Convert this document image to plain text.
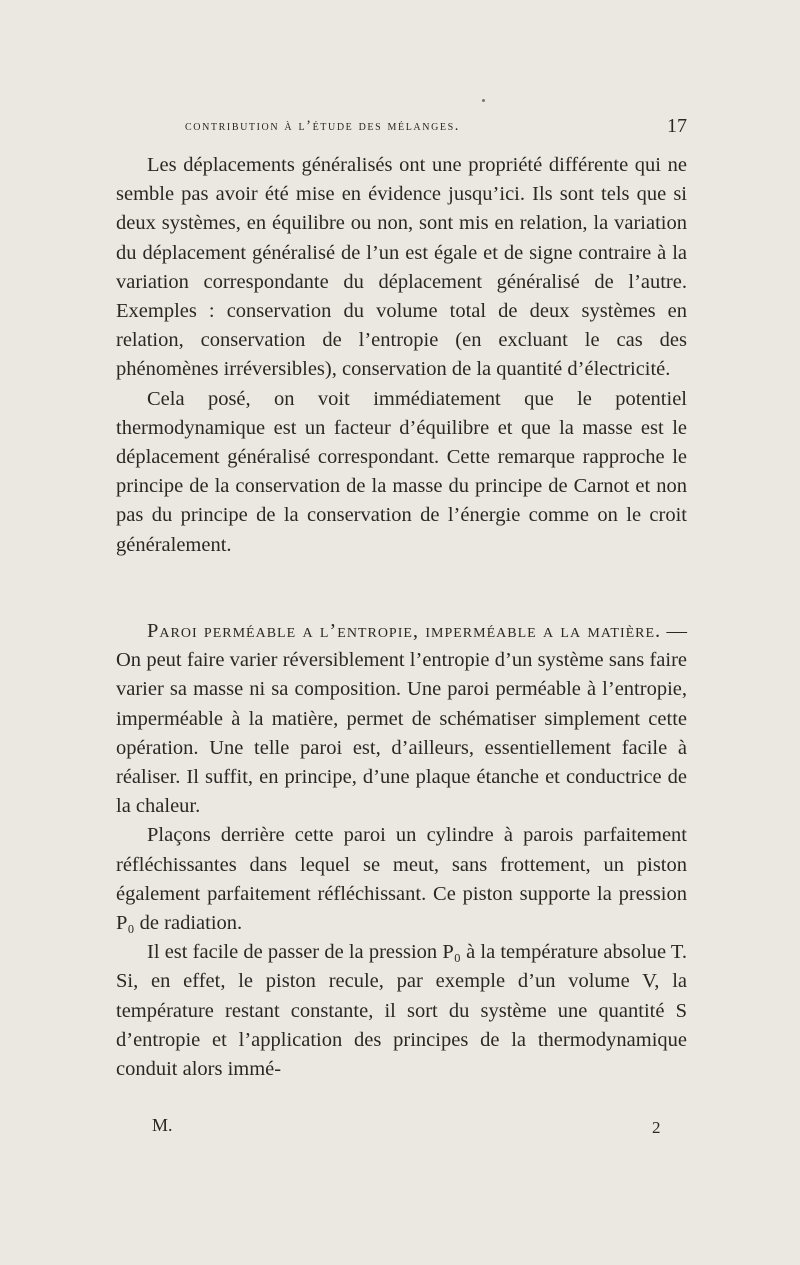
contribution à l’étude des mélanges.	17

Les déplacements généralisés ont une propriété différente qui ne semble pas avoir été mise en évidence jusqu’ici. Ils sont tels que si deux systèmes, en équilibre ou non, sont mis en relation, la variation du déplacement généralisé de l’un est égale et de signe contraire à la variation correspondante du déplacement généralisé de l’autre. Exemples : conservation du volume total de deux systèmes en relation, conservation de l’entropie (en excluant le cas des phénomènes irréversibles), conservation de la quantité d’électricité.

Cela posé, on voit immédiatement que le potentiel thermodynamique est un facteur d’équilibre et que la masse est le déplacement généralisé correspondant. Cette remarque rapproche le principe de la conservation de la masse du principe de Carnot et non pas du principe de la conservation de l’énergie comme on le croit généralement.

Paroi perméable a l’entropie, imperméable a la matière. — On peut faire varier réversiblement l’entropie d’un système sans faire varier sa masse ni sa composition. Une paroi perméable à l’entropie, imperméable à la matière, permet de schématiser simplement cette opération. Une telle paroi est, d’ailleurs, essentiellement facile à réaliser. Il suffit, en principe, d’une plaque étanche et conductrice de la chaleur.

Plaçons derrière cette paroi un cylindre à parois parfaitement réfléchissantes dans lequel se meut, sans frottement, un piston également parfaitement réfléchissant. Ce piston supporte la pression P₀ de radiation.

Il est facile de passer de la pression P₀ à la température absolue T. Si, en effet, le piston recule, par exemple d’un volume V, la température restant constante, il sort du système une quantité S d’entropie et l’application des principes de la thermodynamique conduit alors immé-

M.	2
